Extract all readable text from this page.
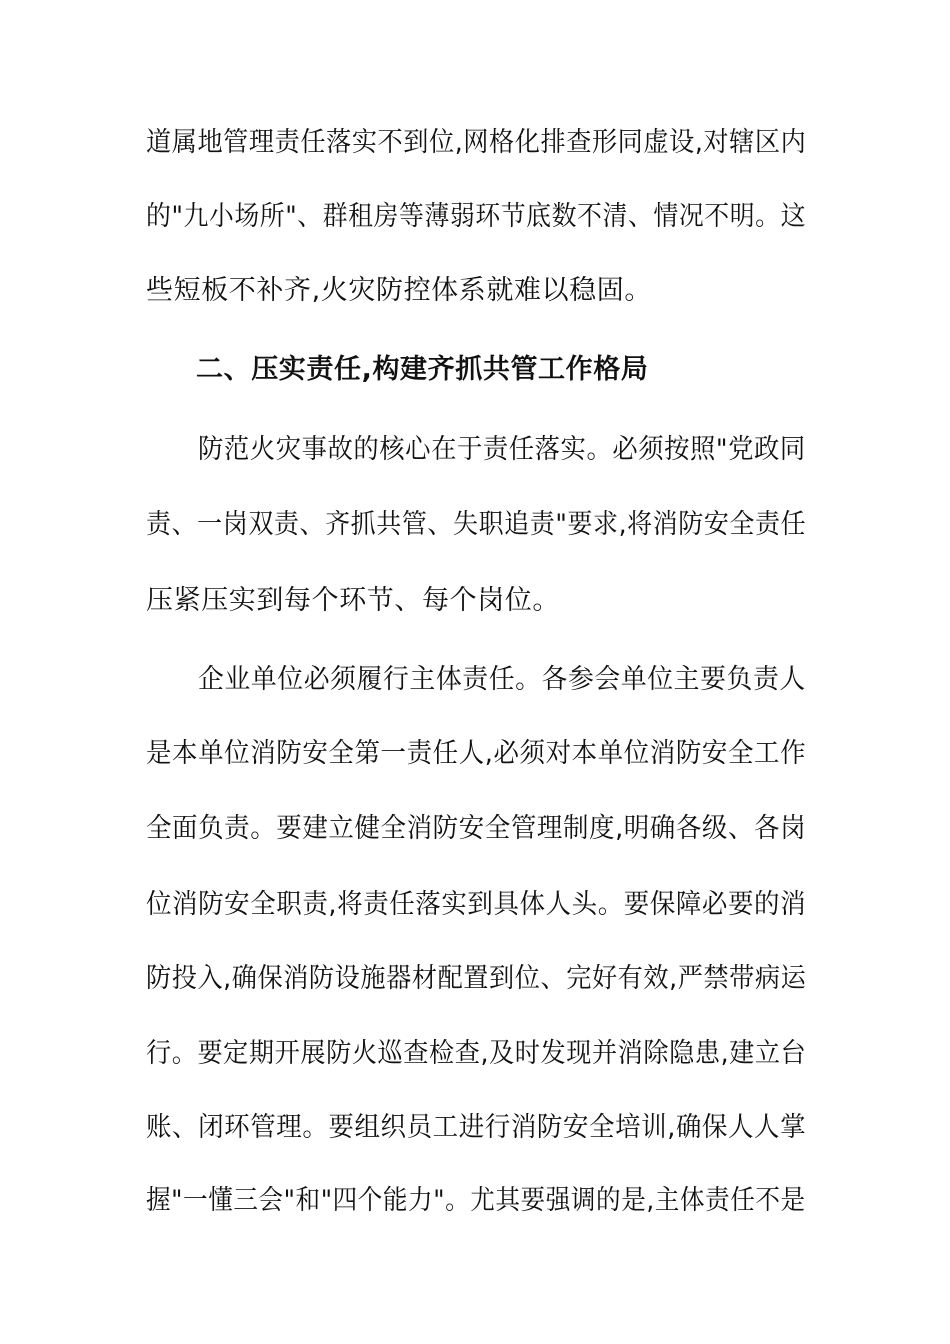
道属地管理责任落实不到位,网格化排查形同虚设,对辖区内
的"九小场所"、群租房等薄弱环节底数不清、情况不明。这
些短板不补齐,火灾防控体系就难以稳固。
二、压实责任,构建齐抓共管工作格局
防范火灾事故的核心在于责任落实。必须按照"党政同
责、一岗双责、齐抓共管、失职追责"要求,将消防安全责任
压紧压实到每个环节、每个岗位。
企业单位必须履行主体责任。各参会单位主要负责人
是本单位消防安全第一责任人,必须对本单位消防安全工作
全面负责。要建立健全消防安全管理制度,明确各级、各岗
位消防安全职责,将责任落实到具体人头。要保障必要的消
防投入,确保消防设施器材配置到位、完好有效,严禁带病运
行。要定期开展防火巡查检查,及时发现并消除隐患,建立台
账、闭环管理。要组织员工进行消防安全培训,确保人人掌
握"一懂三会"和"四个能力"。尤其要强调的是,主体责任不是
